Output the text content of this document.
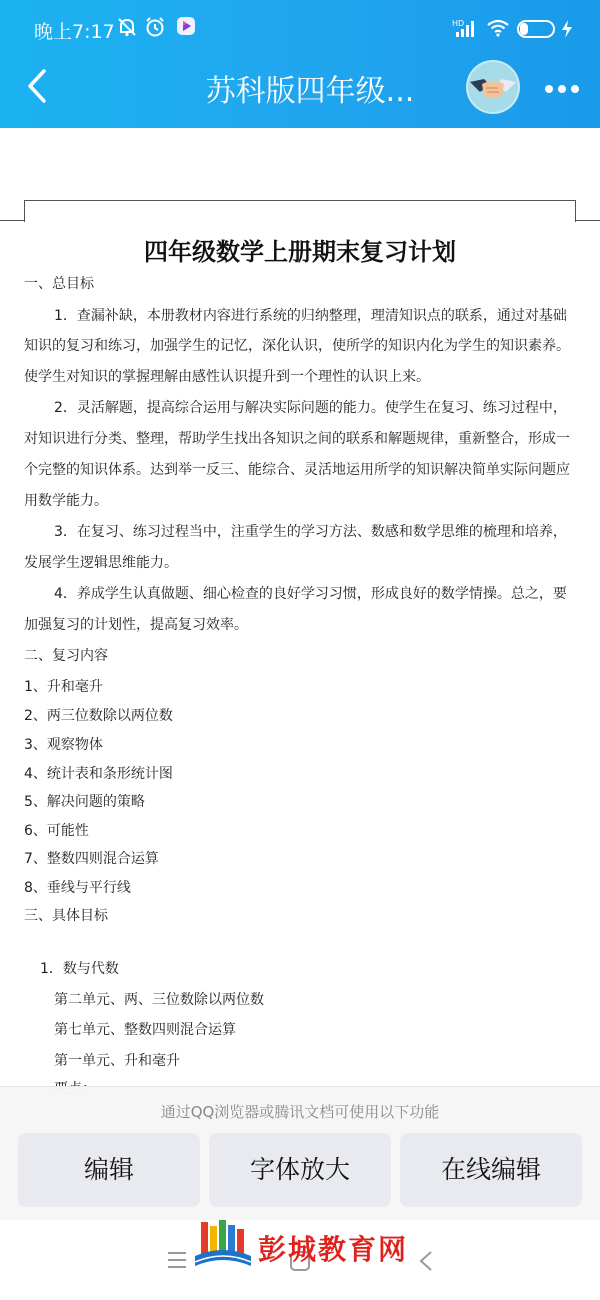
晚上7:17	HD	26
苏科版四年级...
四年级数学上册期末复习计划
一、总目标
1．查漏补缺，本册教材内容进行系统的归纳整理，理清知识点的联系，通过对基础
知识的复习和练习，加强学生的记忆，深化认识，使所学的知识内化为学生的知识素养。
使学生对知识的掌握理解由感性认识提升到一个理性的认识上来。
2．灵活解题，提高综合运用与解决实际问题的能力。使学生在复习、练习过程中，
对知识进行分类、整理，帮助学生找出各知识之间的联系和解题规律，重新整合，形成一
个完整的知识体系。达到举一反三、能综合、灵活地运用所学的知识解决简单实际问题应
用数学能力。
3．在复习、练习过程当中，注重学生的学习方法、数感和数学思维的梳理和培养，
发展学生逻辑思维能力。
4．养成学生认真做题、细心检查的良好学习习惯，形成良好的数学情操。总之，要
加强复习的计划性，提高复习效率。
二、复习内容
1、升和毫升
2、两三位数除以两位数
3、观察物体
4、统计表和条形统计图
5、解决问题的策略
6、可能性
7、整数四则混合运算
8、垂线与平行线
三、具体目标
1．数与代数
第二单元、两、三位数除以两位数
第七单元、整数四则混合运算
第一单元、升和毫升
通过QQ浏览器或腾讯文档可使用以下功能
编辑	字体放大	在线编辑
彭城教育网
